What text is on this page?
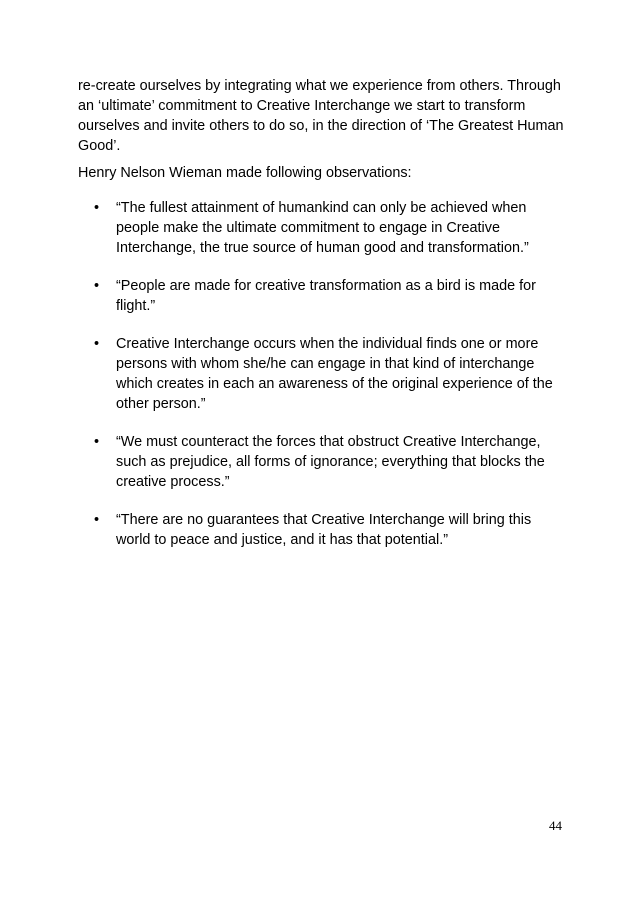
re-create ourselves by integrating what we experience from others. Through an ‘ultimate’ commitment to Creative Interchange we start to transform ourselves and invite others to do so, in the direction of ‘The Greatest Human Good’.

Henry Nelson Wieman made following observations:

•	“The fullest attainment of humankind can only be achieved when people make the ultimate commitment to engage in Creative Interchange, the true source of human good and transformation.”
•	“People are made for creative transformation as a bird is made for flight.”
•	Creative Interchange occurs when the individual finds one or more persons with whom she/he can engage in that kind of interchange which creates in each an awareness of the original experience of the other person.”
•	“We must counteract the forces that obstruct Creative Interchange, such as prejudice, all forms of ignorance; everything that blocks the creative process.”
•	“There are no guarantees that Creative Interchange will bring this world to peace and justice, and it has that potential.”
44
